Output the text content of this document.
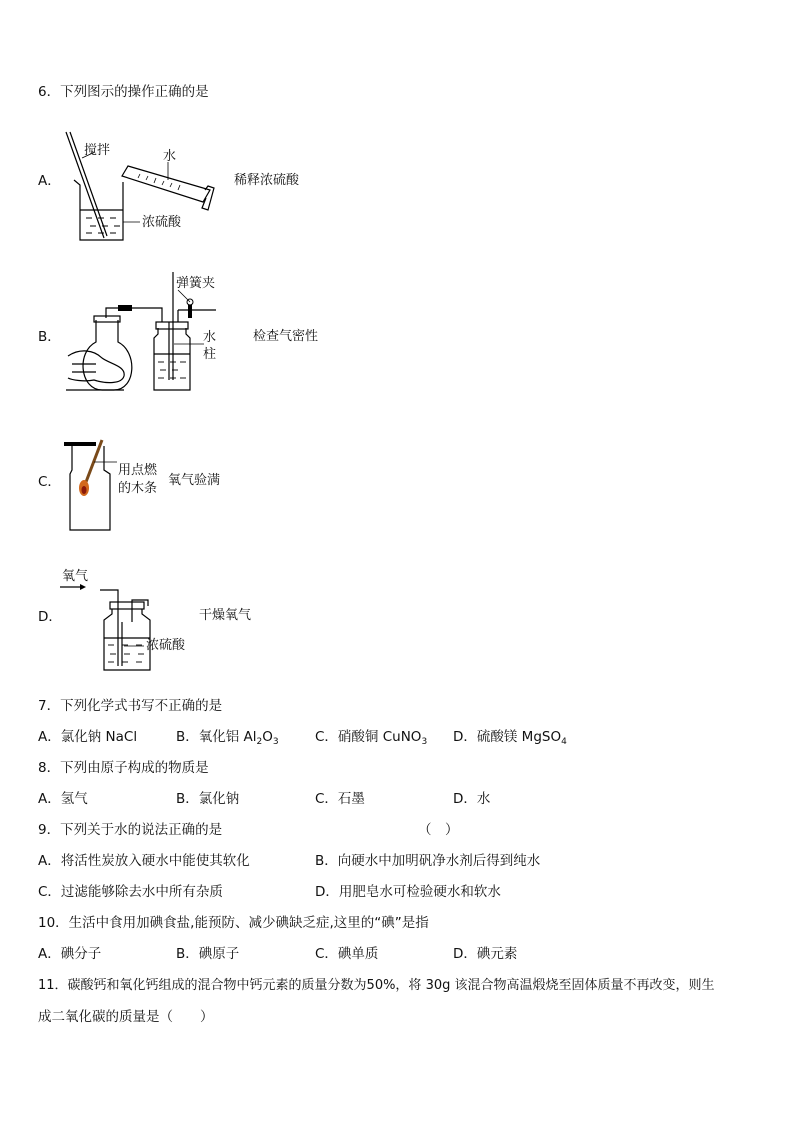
6．下列图示的操作正确的是
A．
搅拌	水
浓硫酸
稀释浓硫酸
B．
弹簧夹
水
柱
检查气密性
C．
用点燃
的木条
氧气验满
D．
氧气
浓硫酸
干燥氧气
7．下列化学式书写不正确的是
A．氯化钠 NaCl	B．氧化铝 $Al_2O_3$	C．硝酸铜 CuNO$_3$ D．硫酸镁 MgSO$_4$
8．下列由原子构成的物质是
A．氢气	B．氯化钠	C．石墨	D．水
9．下列关于水的说法正确的是	（　）
A．将活性炭放入硬水中能使其软化	B．向硬水中加明矾净水剂后得到纯水
C．过滤能够除去水中所有杂质	D．用肥皂水可检验硬水和软水
10．生活中食用加碘食盐,能预防、减少碘缺乏症,这里的“碘”是指
A．碘分子	B．碘原子	C．碘单质	D．碘元素
11．碳酸钙和氧化钙组成的混合物中钙元素的质量分数为50%，将 30g 该混合物高温煅烧至固体质量不再改变，则生
成二氧化碳的质量是（　　）
